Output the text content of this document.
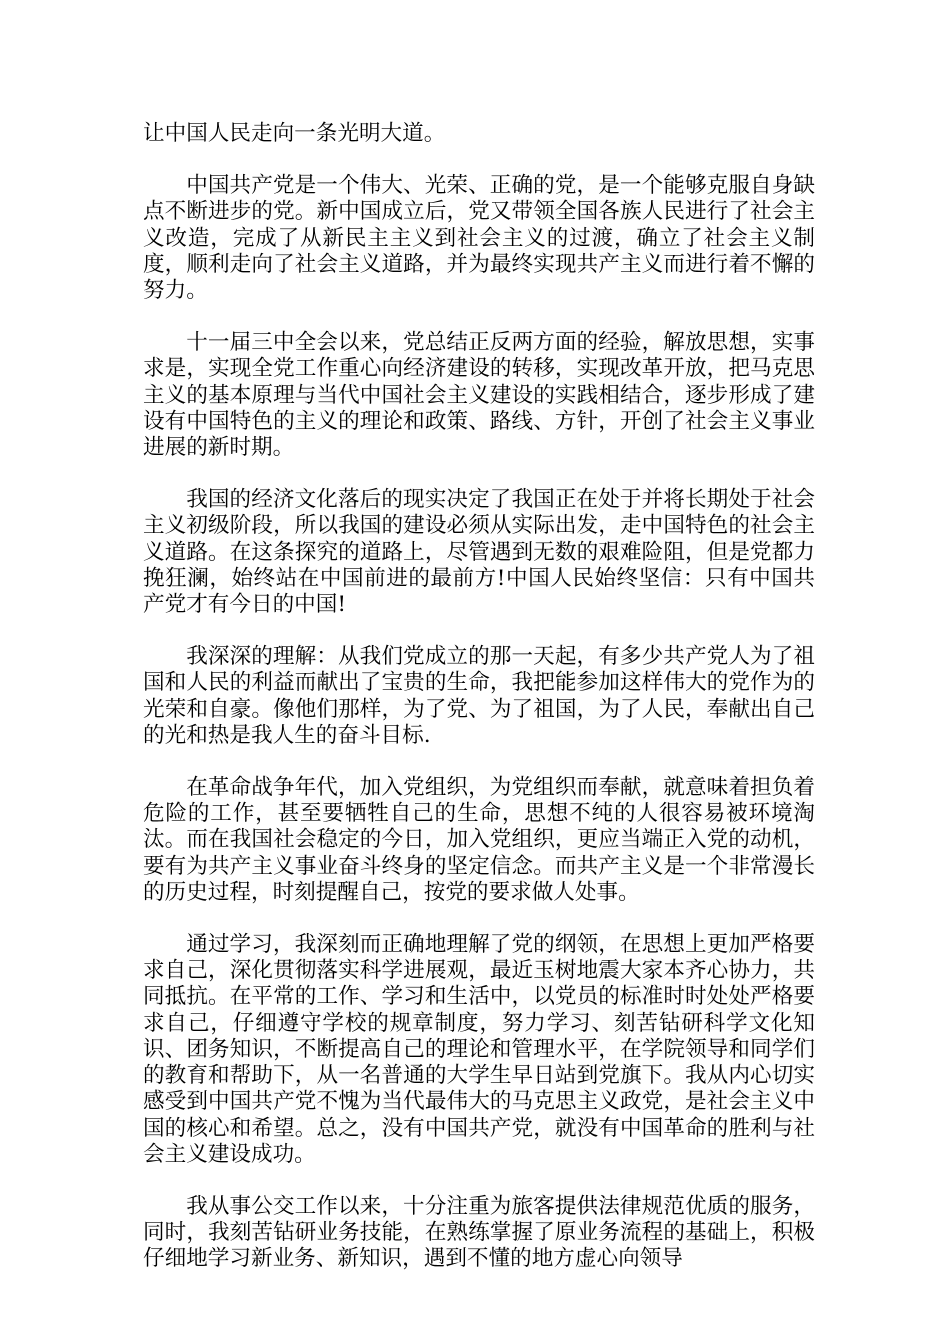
让中国人民走向一条光明大道。

中国共产党是一个伟大、光荣、正确的党，是一个能够克服自身缺点不断进步的党。新中国成立后，党又带领全国各族人民进行了社会主义改造，完成了从新民主主义到社会主义的过渡，确立了社会主义制度，顺利走向了社会主义道路，并为最终实现共产主义而进行着不懈的努力。

十一届三中全会以来，党总结正反两方面的经验，解放思想，实事求是，实现全党工作重心向经济建设的转移，实现改革开放，把马克思主义的基本原理与当代中国社会主义建设的实践相结合，逐步形成了建设有中国特色的主义的理论和政策、路线、方针，开创了社会主义事业进展的新时期。

我国的经济文化落后的现实决定了我国正在处于并将长期处于社会主义初级阶段，所以我国的建设必须从实际出发，走中国特色的社会主义道路。在这条探究的道路上，尽管遇到无数的艰难险阻，但是党都力挽狂澜，始终站在中国前进的最前方!中国人民始终坚信：只有中国共产党才有今日的中国!

我深深的理解：从我们党成立的那一天起，有多少共产党人为了祖国和人民的利益而献出了宝贵的生命，我把能参加这样伟大的党作为的光荣和自豪。像他们那样，为了党、为了祖国，为了人民，奉献出自己的光和热是我人生的奋斗目标.

在革命战争年代，加入党组织，为党组织而奉献，就意味着担负着危险的工作，甚至要牺牲自己的生命，思想不纯的人很容易被环境淘汰。而在我国社会稳定的今日，加入党组织，更应当端正入党的动机，要有为共产主义事业奋斗终身的坚定信念。而共产主义是一个非常漫长的历史过程，时刻提醒自己，按党的要求做人处事。

通过学习，我深刻而正确地理解了党的纲领，在思想上更加严格要求自己，深化贯彻落实科学进展观，最近玉树地震大家本齐心协力，共同抵抗。在平常的工作、学习和生活中，以党员的标准时时处处严格要求自己，仔细遵守学校的规章制度，努力学习、刻苦钻研科学文化知识、团务知识，不断提高自己的理论和管理水平，在学院领导和同学们的教育和帮助下，从一名普通的大学生早日站到党旗下。我从内心切实感受到中国共产党不愧为当代最伟大的马克思主义政党，是社会主义中国的核心和希望。总之，没有中国共产党，就没有中国革命的胜利与社会主义建设成功。

我从事公交工作以来，十分注重为旅客提供法律规范优质的服务，同时，我刻苦钻研业务技能，在熟练掌握了原业务流程的基础上，积极仔细地学习新业务、新知识，遇到不懂的地方虚心向领导
